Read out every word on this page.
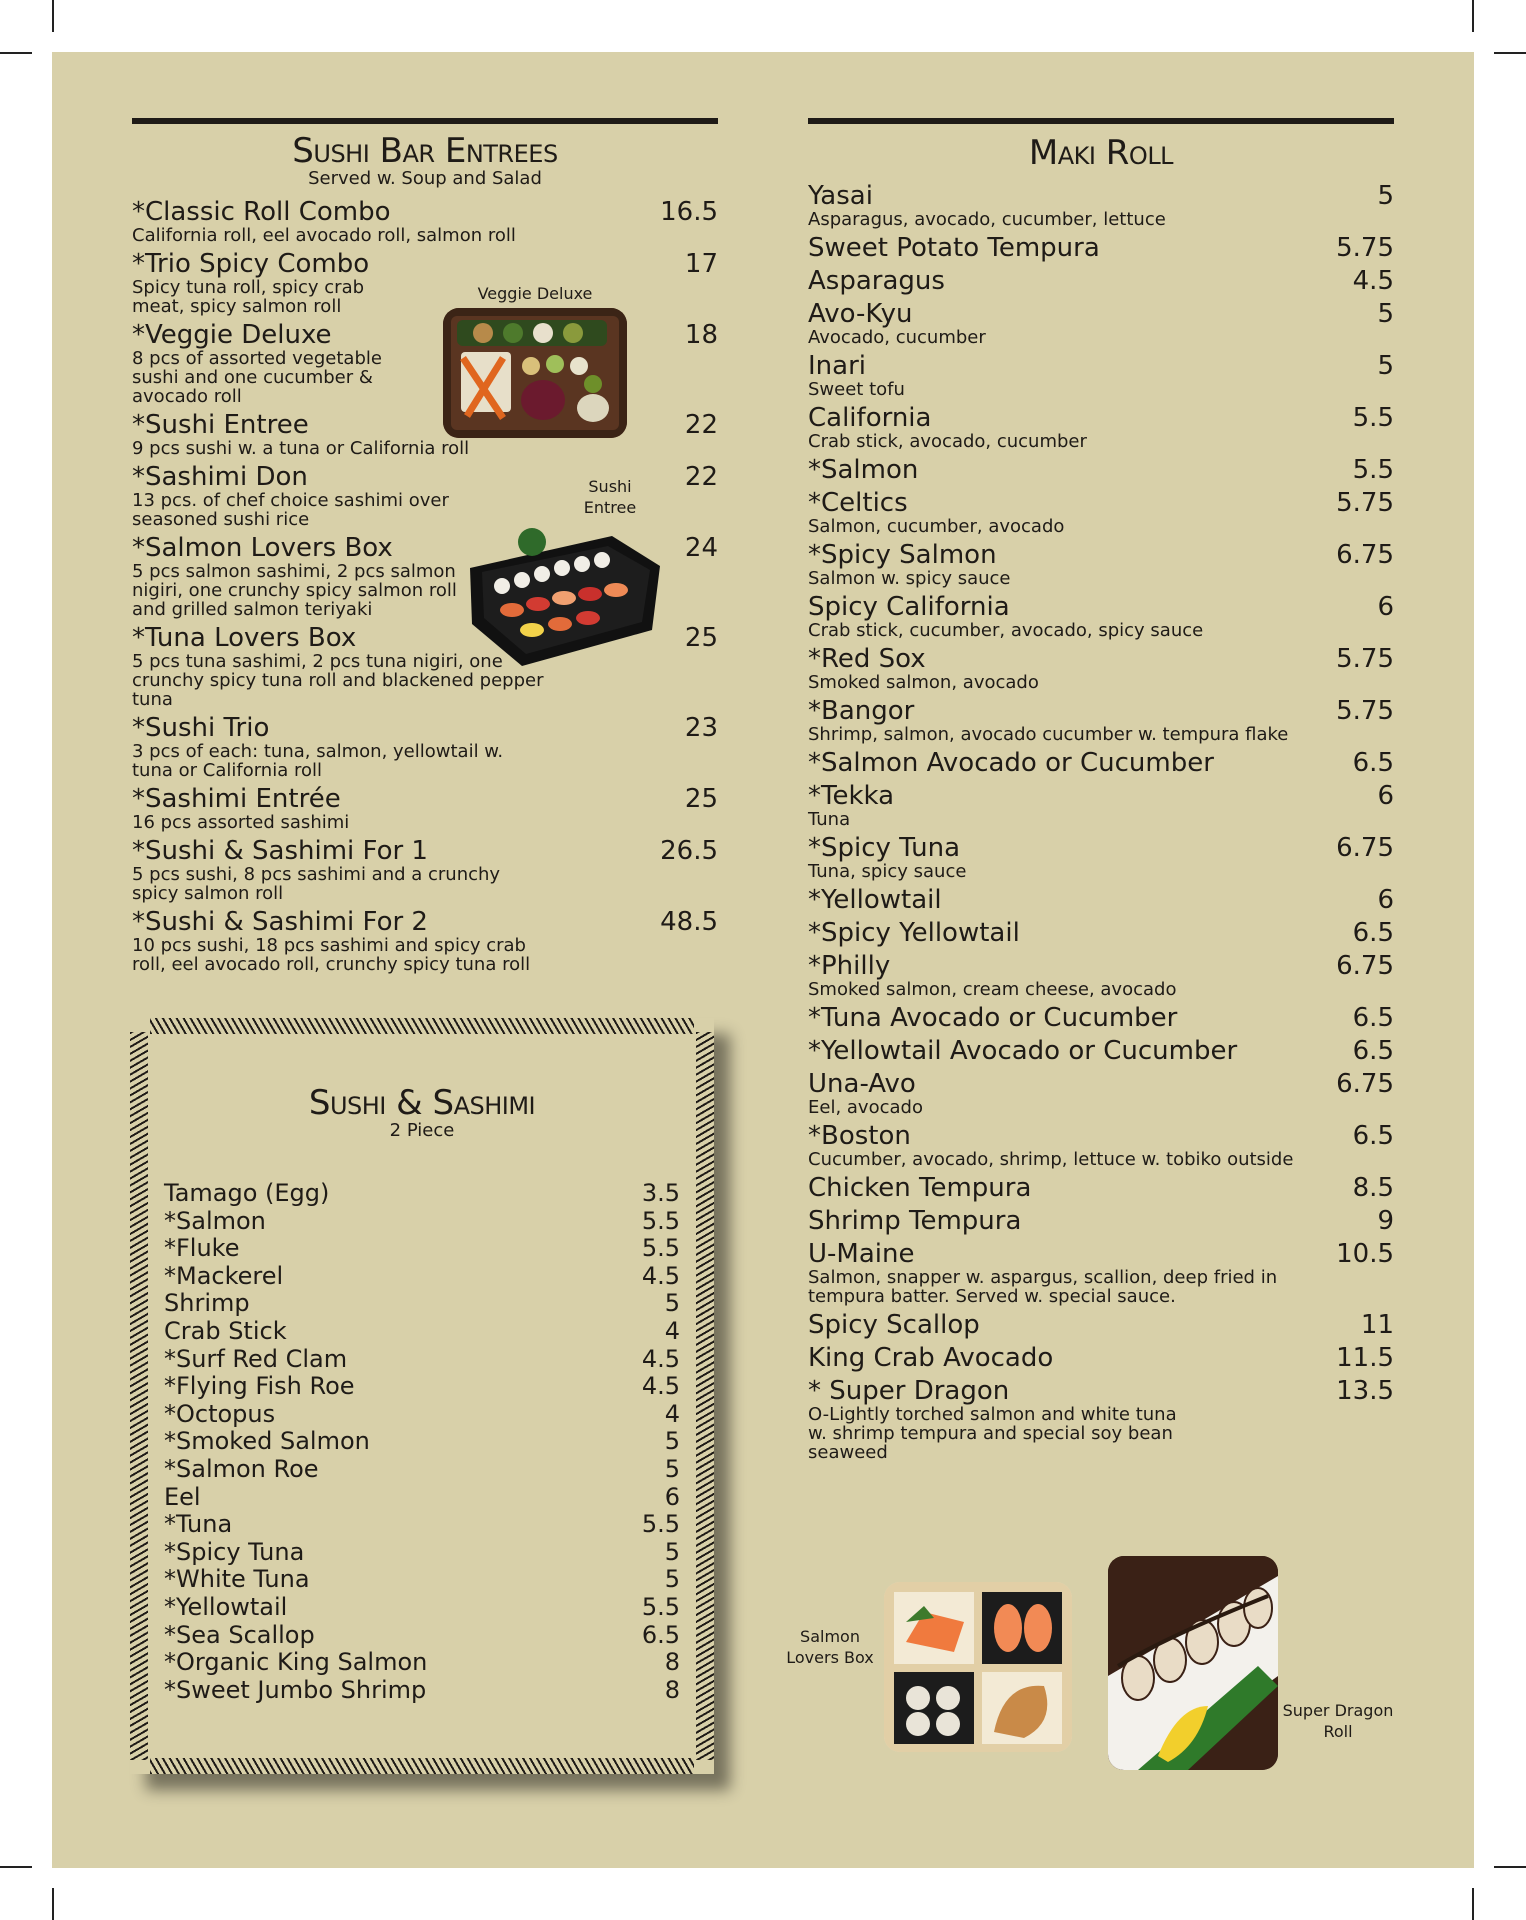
Sushi Bar Entrees
Served w. Soup and Salad
*Classic Roll Combo	16.5
California roll, eel avocado roll, salmon roll
*Trio Spicy Combo	17
Spicy tuna roll, spicy crab meat, spicy salmon roll
*Veggie Deluxe	18
8 pcs of assorted vegetable sushi and one cucumber & avocado roll
*Sushi Entree	22
9 pcs sushi w. a tuna or California roll
*Sashimi Don	22
13 pcs. of chef choice sashimi over seasoned sushi rice
*Salmon Lovers Box	24
5 pcs salmon sashimi, 2 pcs salmon nigiri, one crunchy spicy salmon roll and grilled salmon teriyaki
*Tuna Lovers Box	25
5 pcs tuna sashimi, 2 pcs tuna nigiri, one crunchy spicy tuna roll and blackened pepper tuna
*Sushi Trio	23
3 pcs of each: tuna, salmon, yellowtail w. tuna or California roll
*Sashimi Entrée	25
16 pcs assorted sashimi
*Sushi & Sashimi For 1	26.5
5 pcs sushi, 8 pcs sashimi and a crunchy spicy salmon roll
*Sushi & Sashimi For 2	48.5
10 pcs sushi, 18 pcs sashimi and spicy crab roll, eel avocado roll, crunchy spicy tuna roll
Veggie Deluxe
Sushi Entree
Sushi & Sashimi
2 Piece
Tamago (Egg)	3.5
*Salmon	5.5
*Fluke	5.5
*Mackerel	4.5
Shrimp	5
Crab Stick	4
*Surf Red Clam	4.5
*Flying Fish Roe	4.5
*Octopus	4
*Smoked Salmon	5
*Salmon Roe	5
Eel	6
*Tuna	5.5
*Spicy Tuna	5
*White Tuna	5
*Yellowtail	5.5
*Sea Scallop	6.5
*Organic King Salmon	8
*Sweet Jumbo Shrimp	8
Maki Roll
Yasai	5
Asparagus, avocado, cucumber, lettuce
Sweet Potato Tempura	5.75
Asparagus	4.5
Avo-Kyu	5
Avocado, cucumber
Inari	5
Sweet tofu
California	5.5
Crab stick, avocado, cucumber
*Salmon	5.5
*Celtics	5.75
Salmon, cucumber, avocado
*Spicy Salmon	6.75
Salmon w. spicy sauce
Spicy California	6
Crab stick, cucumber, avocado, spicy sauce
*Red Sox	5.75
Smoked salmon, avocado
*Bangor	5.75
Shrimp, salmon, avocado cucumber w. tempura flake
*Salmon Avocado or Cucumber	6.5
*Tekka	6
Tuna
*Spicy Tuna	6.75
Tuna, spicy sauce
*Yellowtail	6
*Spicy Yellowtail	6.5
*Philly	6.75
Smoked salmon, cream cheese, avocado
*Tuna Avocado or Cucumber	6.5
*Yellowtail Avocado or Cucumber	6.5
Una-Avo	6.75
Eel, avocado
*Boston	6.5
Cucumber, avocado, shrimp, lettuce w. tobiko outside
Chicken Tempura	8.5
Shrimp Tempura	9
U-Maine	10.5
Salmon, snapper w. aspargus, scallion, deep fried in tempura batter. Served w. special sauce.
Spicy Scallop	11
King Crab Avocado	11.5
* Super Dragon	13.5
O-Lightly torched salmon and white tuna w. shrimp tempura and special soy bean seaweed
Salmon Lovers Box
Super Dragon Roll
